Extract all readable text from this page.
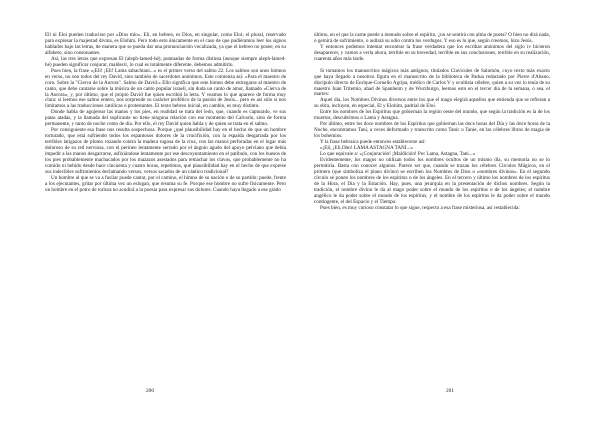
Eli ni Eloi pueden traducirse por «Dios mío». Eli, en hebreo, es Dios, en singular, como Eloi; el plural, reservado para expresar la majestad divina, es Elohim. Pero todo esto únicamente en el caso de que pudiéramos leer los signos hablados bajo las letras, de manera que se pueda dar una pronunciación vocalizada, ya que el hebreo no posee, en su alfabeto, sino consonantes.

Así, las tres letras que expresan El (aleph-lamed-hé), puntuadas de forma distinta (aunque siempre aleph-lamed-hé) pueden significar conjurar, maldecir, lo cual es totalmente diferente, debemos admitirlo.

Pues bien, la frase «¡Eli! ¡Eli! Lama sabachtani...» es el primer verso del salmo 22. Los salmos son unos himnos en verso, no son todos del rey David, sino también de sacerdotes anónimos. Este comienza así: «Para el maestro de coro. Sobre la "Cierva de la Aurora". Salmo de David.» Ello significa que este himno debe entregarse al maestro de canto, que debe cantarse sobre la música de un canto popular israelí, sin duda un canto de amor, llamado «Cierva de la Aurora», y, por último, que el propio David fue quien escribió la letra. Y veamos lo que aparece de forma muy clara: si leemos ese salmo entero, nos sorprende su carácter profético de la pasión de Jesús... pero es así sólo si nos limitamos a las traducciones católicas o protestantes. El texto hebreo inicial, en cambio, es muy distinto.

Donde habla de agujerear las manos y los pies, en realidad se trata del león, que, cuando es capturado, ve sus patas atadas, y la llamada del suplicante no tiene ninguna relación con ese momento del Calvario, sino de forma permanente, y tanto de noche como de día. Por ello, el rey David quien habla y de quien se trata en el salmo.

Por consiguiente esa frase nos resulta sospechosa. Porque ¿qué plausibilidad hay en el hecho de que un hombre torturado, que está sufriendo todos los espantosos dolores de la crucifixión, con la espalda desgarrada por los terribles latigazos de plomo rozando contra la madera rugosa de la cruz, con las manos perforadas en el lugar más doloroso de su red nerviosa, con el perineo lentamente serrado por el ángulo agudo del apoyo pelviano que debía impedir a las manos desgarrarse, asfixiándose lentamente por ese descoyuntamiento en el patíbulo, con los huesos de los pies probablemente machacados por los mazazos asestados para remachar los clavos, que probablemente no ha comido ni bebido desde hace cincuenta y cuatro horas, repetimos, qué plausibilidad hay en el hecho de que exprese sus indecibles sufrimientos declamando versos, versos sacados de un cántico tradicional?

Un hombre al que se va a fusilar puede cantar, por el camino, el himno de su nación o de su partido; puede, frente a los ejecutantes, gritar por última vez un eslogan, que resuma su fe. Porque ese hombre no sufre físicamente. Pero un hombre en el potro de tortura no acudirá a la poesía para expresar sus dolores. Cuando haya llegado a ese grado

200

último, en el que la carne puede a menudo sobre el espíritu, ¿no se sentirá con alma de poeta? O bien no dirá nada, o gemirá de sufrimiento, o aullará su odio contra los verdugos. Y eso es lo que, según creemos, hizo Jesús.

Y entonces podemos intentar encontrar la frase verdadera que los escribas anónimos del siglo iv hicieron desaparecer, y vamos a verla ahora, terrible en su brevedad, terrible en sus conclusiones, terrible en su realización, cuarenta años más tarde.

Si tomamos los manuscritos mágicos más antiguos, titulados Clavicules de Salomón, cuyo texto más exacto que haya llegado a nosotros figura en el manuscrito de la biblioteca de Padua redactado por Pierre d'Abano, discípulo directo de Enrique-Cornelio Agripa, médico de Carlos V y ocultista célebre, quien a su vez lo tenía de su maestro Juan Tritemio, abad de Spanheim y de Wurzburgo, leemos esto en el tercer día de la semana, o sea, el martes:

Aquel día, los Nombres Divinos diversos entre los que el mago elegirá aquellos que entienda que se refieran a su obra, incluyen, en especial, El y Elohim, padrial de Eloi.

Entre los nombres de los Espíritus que gobiernan la región oeste del mundo, que según la tradición es la de los muertos, descubrimos o Lama y Astagna.

Por último, entre los doce nombres de los Espíritus que gobiernan las doce horas del Día y las doce horas de la Noche, encontramos Tani, a veces deformado y transcrito como Tanic o Tanie, en las célebres libros de magia de los bohemios.

Y la frase hebraica puede entonces establecerse así:

«¡Eli, ¡Eli,Ohn! LAMA ASTAGNA TANI...»

Lo que equivale a: «¡Conjuración! ¡Maldición! Por Lama, Astagna, Tani...»

Evidentemente, los magos no utilizan todos los nombres ocultos de un mismo día, su memoria no se lo permitiría. Basta con conocer algunos. Parece ser que, cuando se trazan los célebres Círculos Mágicos, en el primero (que simboliza el plano divino) se escriben los Nombres de Dios o «nombres divinos». En el segundo círculo se ponen los nombres de los espíritus o de los ángeles. En el tercero y último los nombres de los espíritus de la Hora, el Día y la Estación. Hay, pues, una jerarquía en la presentación de dichos nombres. Según la tradición, el nombre divino le da al mago poder sobre el mundo de los espíritus o de los ángeles; el nombre angélico le da poder sobre el mundo de los espíritus, y el nombre de los espíritus le da poder sobre el mundo contingente, el del Espacio y el Tiempo.

Pues bien, es muy curioso constatar lo que sigue, respecto a esa frase misteriosa, así restablecida:

201
